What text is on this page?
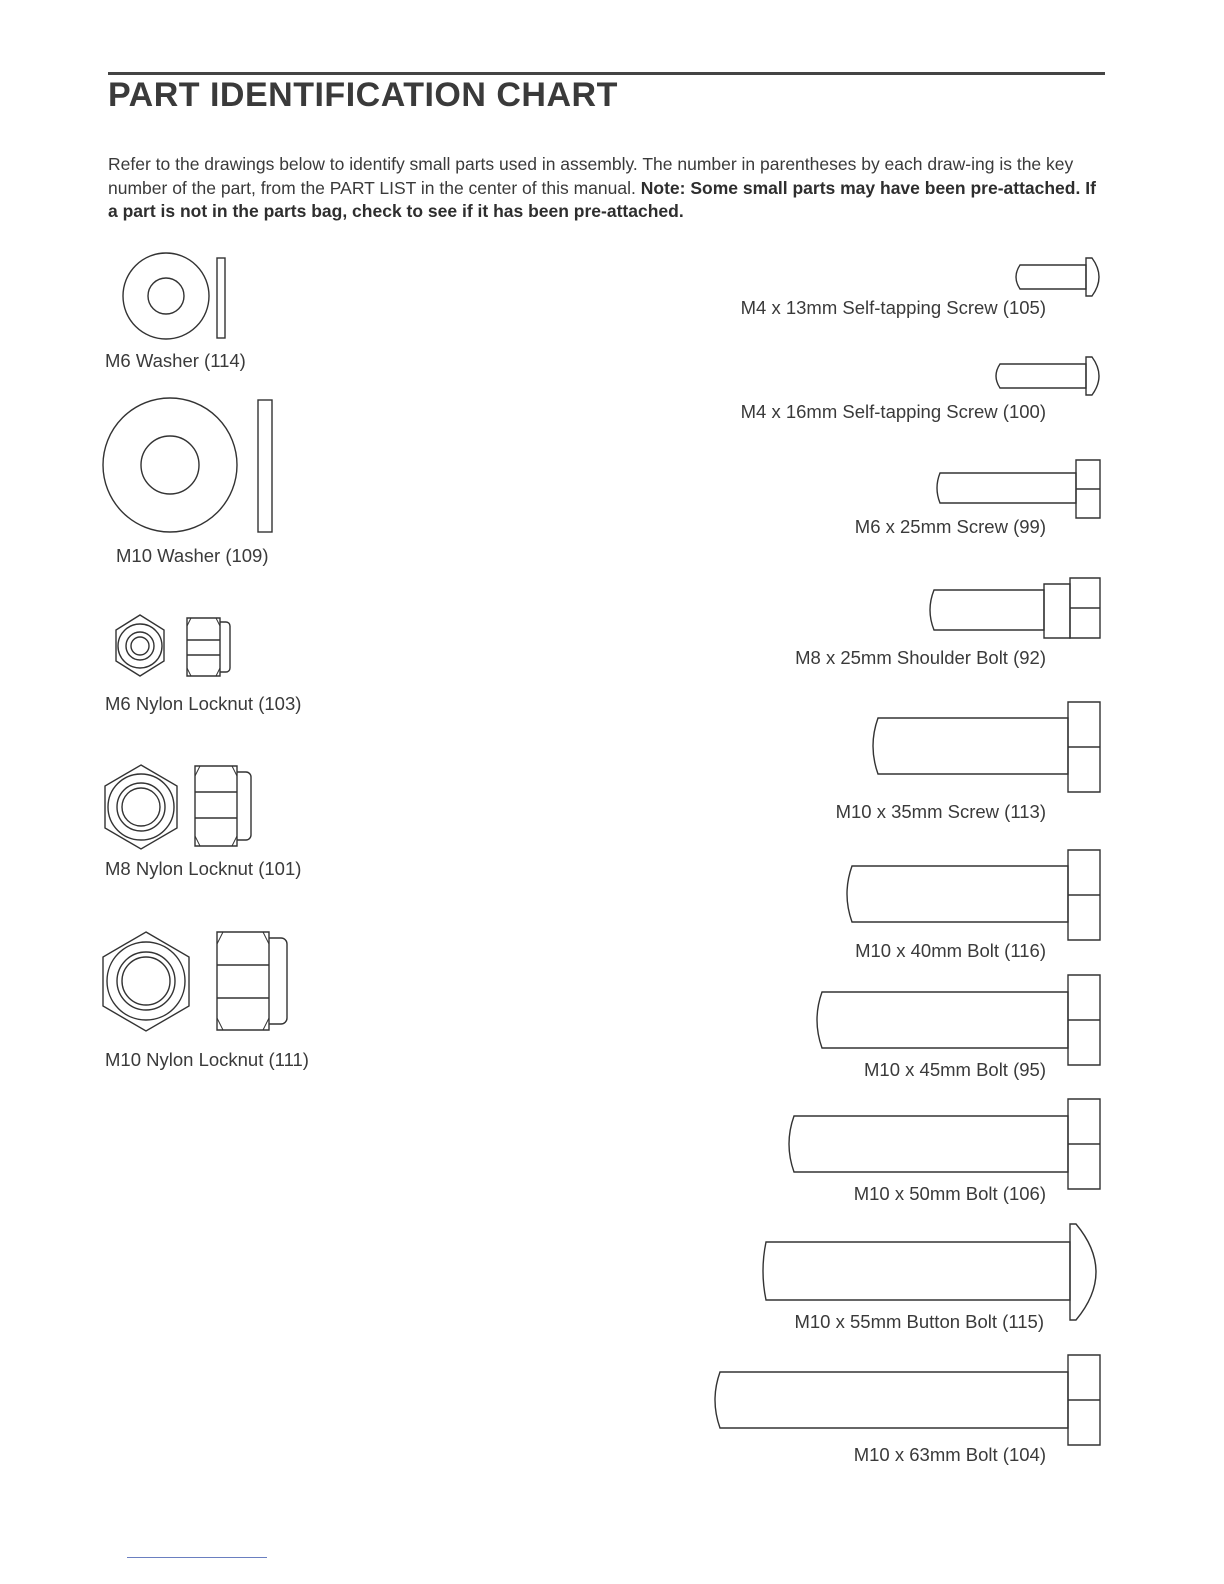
PART IDENTIFICATION CHART

Refer to the drawings below to identify small parts used in assembly. The number in parentheses by each draw-ing is the key number of the part, from the PART LIST in the center of this manual. Note: Some small parts may have been pre-attached. If a part is not in the parts bag, check to see if it has been pre-attached.

M6 Washer (114)
M10 Washer (109)
M6 Nylon Locknut (103)
M8 Nylon Locknut (101)
M10 Nylon Locknut (111)
M4 x 13mm Self-tapping Screw (105)
M4 x 16mm Self-tapping Screw (100)
M6 x 25mm Screw (99)
M8 x 25mm Shoulder Bolt (92)
M10 x 35mm Screw (113)
M10 x 40mm Bolt (116)
M10 x 45mm Bolt (95)
M10 x 50mm Bolt (106)
M10 x 55mm Button Bolt (115)
M10 x 63mm Bolt (104)
